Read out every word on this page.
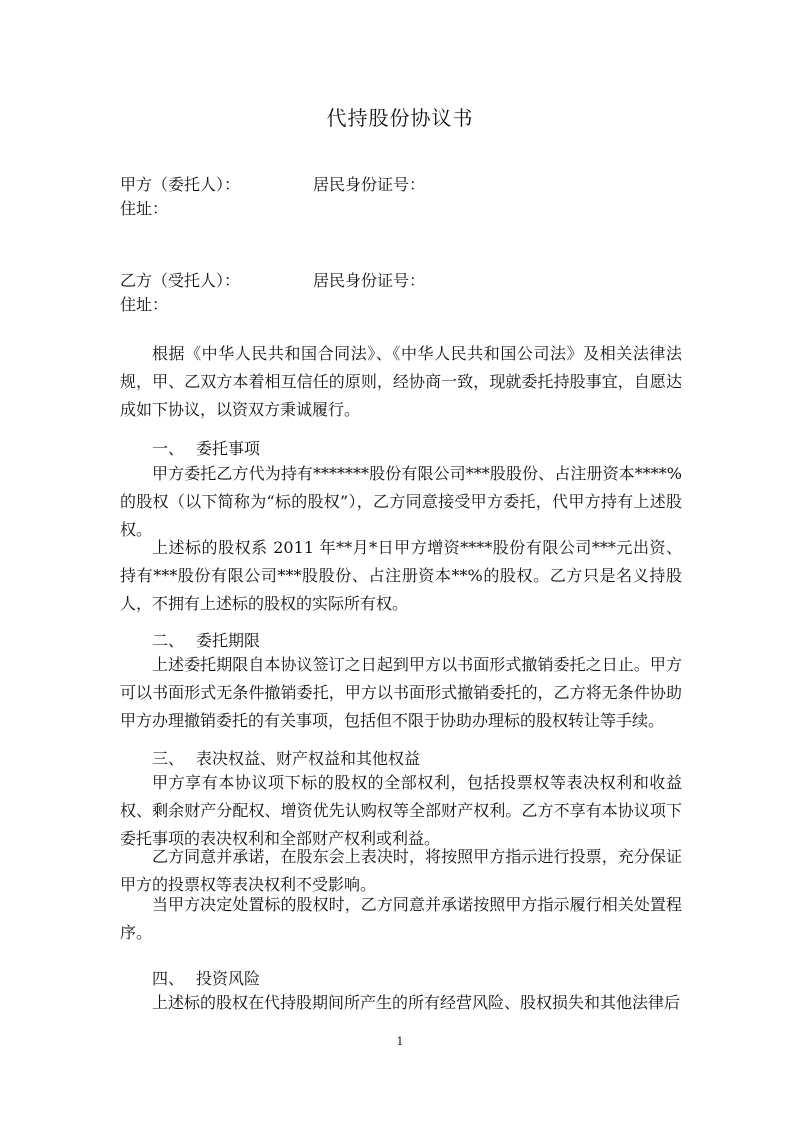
代持股份协议书
甲方（委托人）：	居民身份证号：
住址：
乙方（受托人）：	居民身份证号：
住址：

根据《中华人民共和国合同法》、《中华人民共和国公司法》及相关法律法规，甲、乙双方本着相互信任的原则，经协商一致，现就委托持股事宜，自愿达成如下协议，以资双方秉诚履行。

一、 委托事项

甲方委托乙方代为持有*******股份有限公司***股股份、占注册资本****%的股权（以下简称为“标的股权”），乙方同意接受甲方委托，代甲方持有上述股权。

上述标的股权系 2011 年**月*日甲方增资****股份有限公司***元出资、持有***股份有限公司***股股份、占注册资本**%的股权。乙方只是名义持股人，不拥有上述标的股权的实际所有权。

二、 委托期限

上述委托期限自本协议签订之日起到甲方以书面形式撤销委托之日止。甲方可以书面形式无条件撤销委托，甲方以书面形式撤销委托的，乙方将无条件协助甲方办理撤销委托的有关事项，包括但不限于协助办理标的股权转让等手续。

三、 表决权益、财产权益和其他权益

甲方享有本协议项下标的股权的全部权利，包括投票权等表决权利和收益权、剩余财产分配权、增资优先认购权等全部财产权利。乙方不享有本协议项下委托事项的表决权利和全部财产权利或利益。

乙方同意并承诺，在股东会上表决时，将按照甲方指示进行投票，充分保证甲方的投票权等表决权利不受影响。

当甲方决定处置标的股权时，乙方同意并承诺按照甲方指示履行相关处置程序。

四、 投资风险

上述标的股权在代持股期间所产生的所有经营风险、股权损失和其他法律后

1
